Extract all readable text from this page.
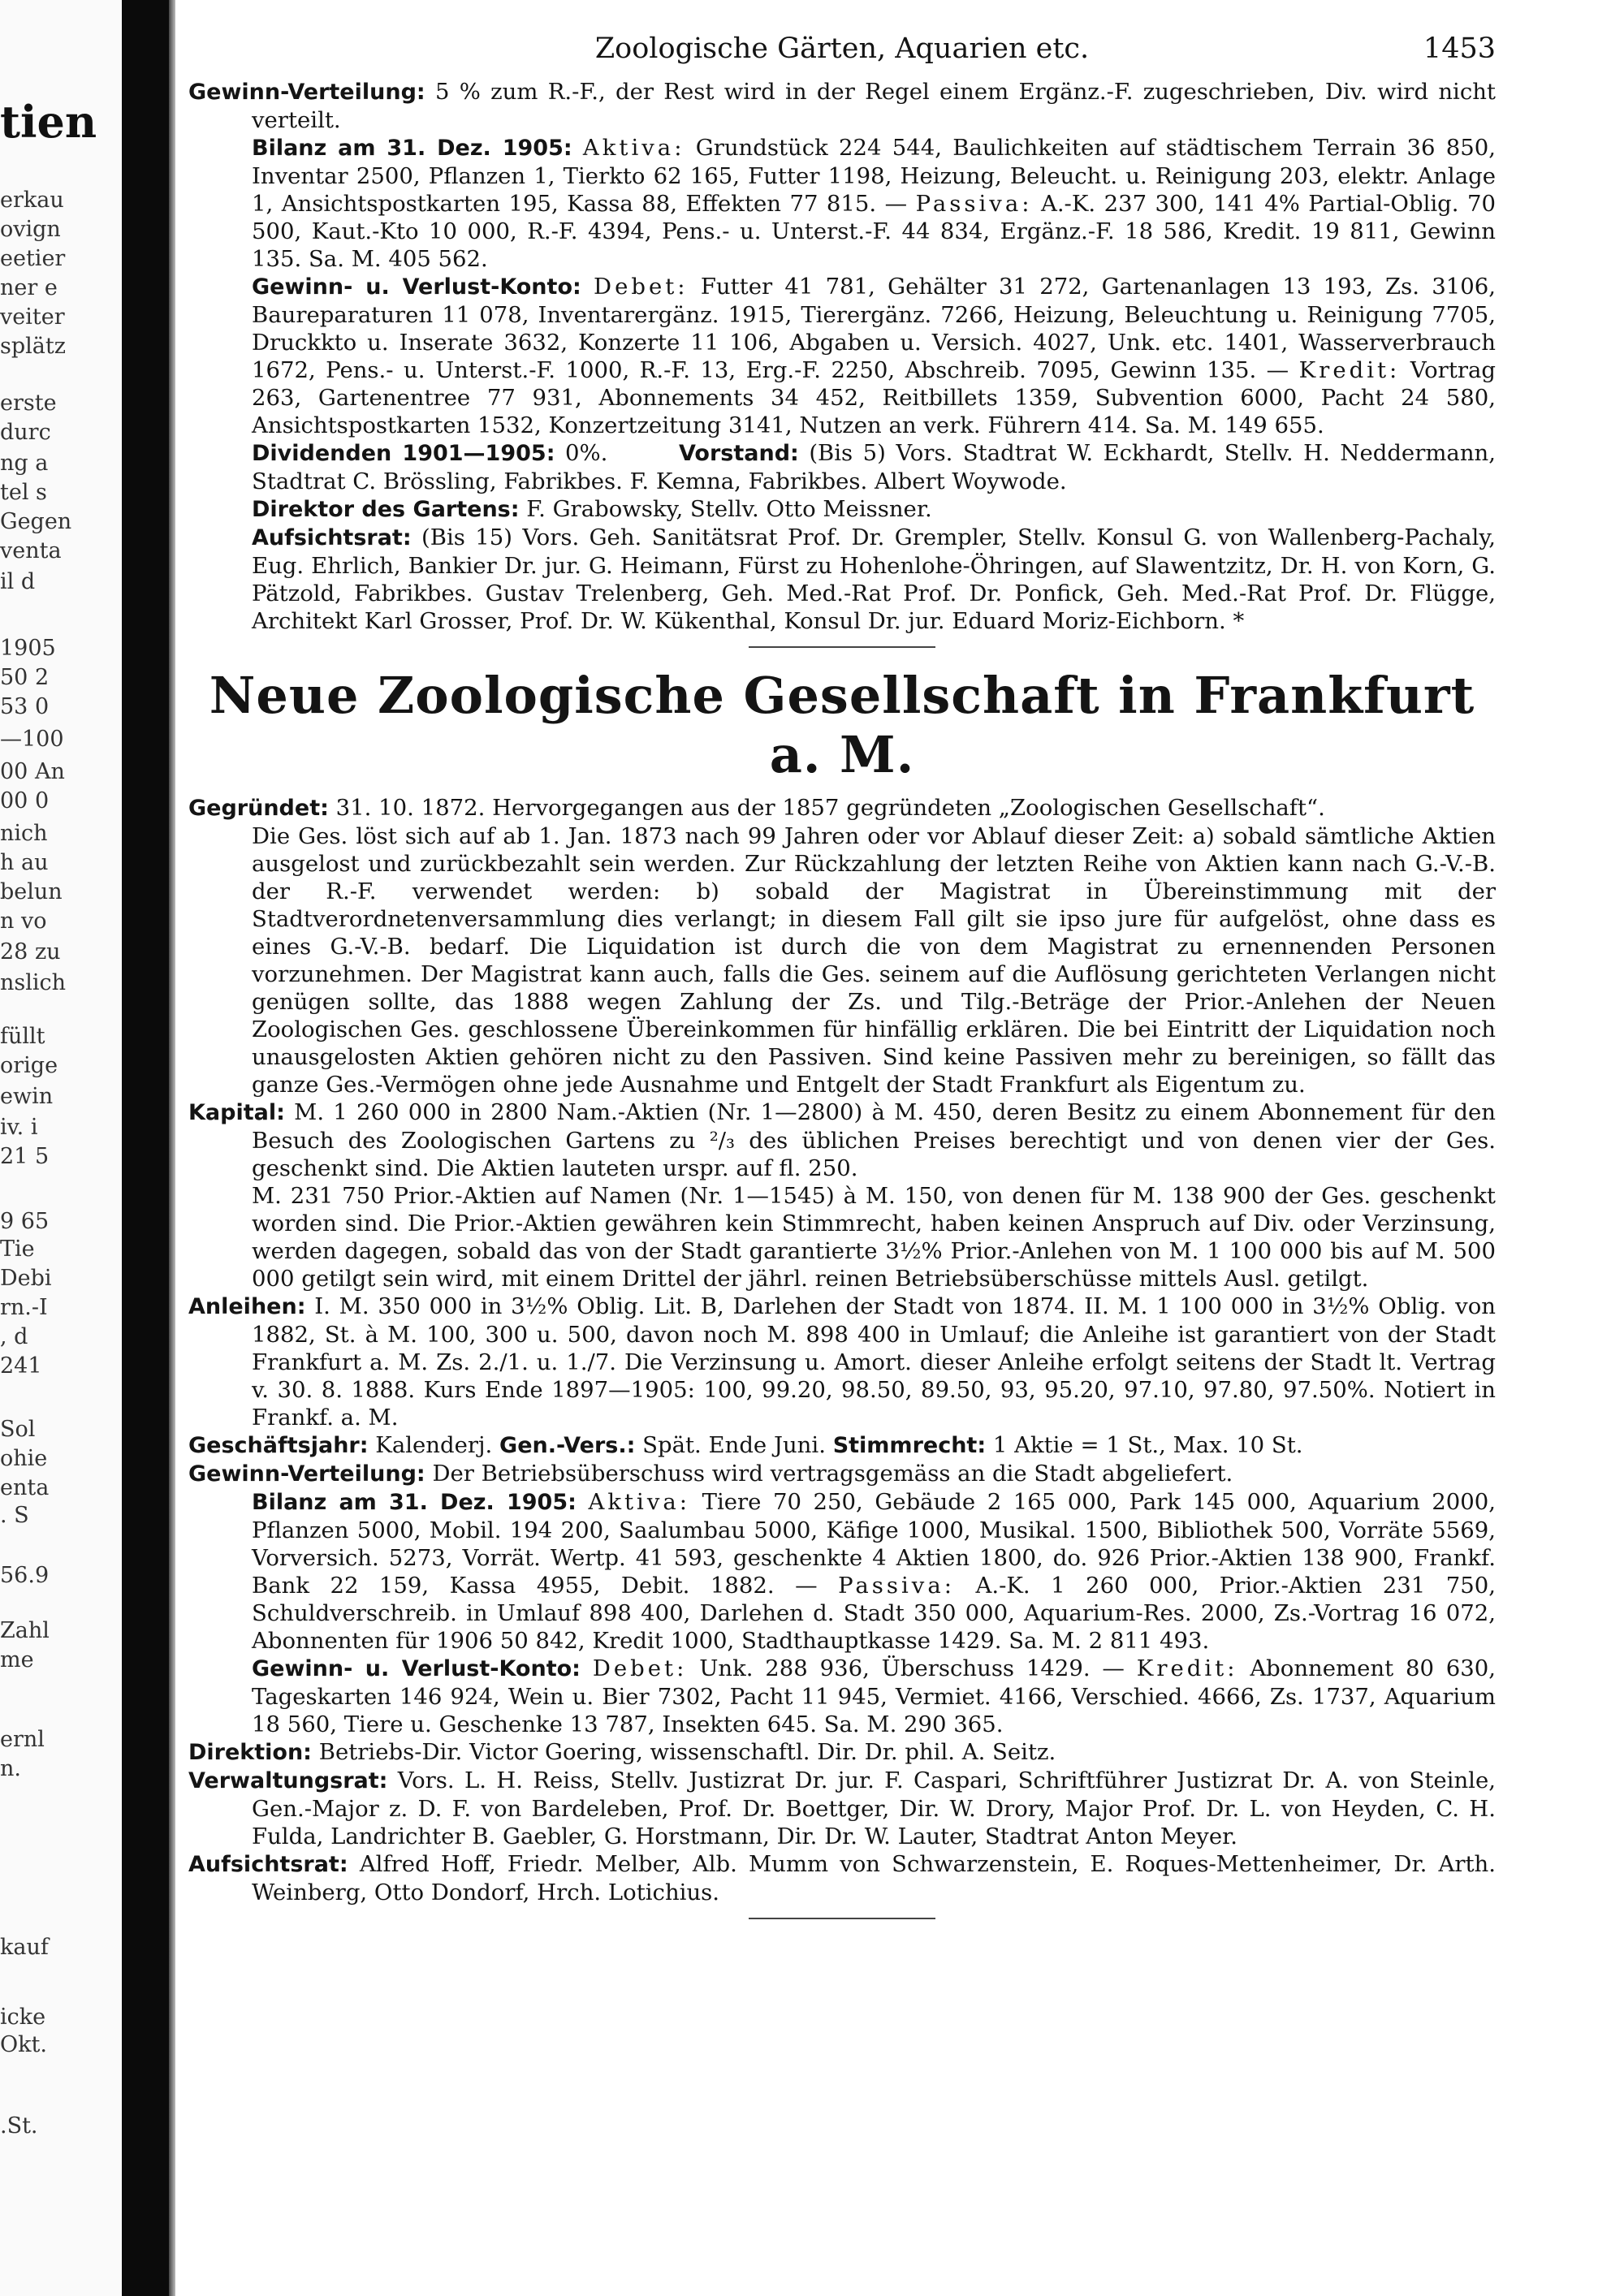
tien
erkau
ovign
eetier
ner e
veiter
splätz
erste
durc
ng a
tel s
Gegen
venta
il d
1905
50 2
53 0
—100
00 An
00 0
nich
h au
belun
n vo
28 zu
nslich
füllt
orige
ewin
iv. i
21 5
9 65
Tie
Debi
rn.-I
, d
241
Sol
ohie
enta
. S
56.9
Zahl
me
ernl
n.
kauf
icke
Okt.
.St.
Zoologische Gärten, Aquarien etc.	1453

Gewinn-Verteilung: 5 % zum R.-F., der Rest wird in der Regel einem Ergänz.-F. zugeschrieben, Div. wird nicht verteilt.

Bilanz am 31. Dez. 1905: Aktiva: Grundstück 224 544, Baulichkeiten auf städtischem Terrain 36 850, Inventar 2500, Pflanzen 1, Tierkto 62 165, Futter 1198, Heizung, Beleucht. u. Reinigung 203, elektr. Anlage 1, Ansichtspostkarten 195, Kassa 88, Effekten 77 815. — Passiva: A.-K. 237 300, 141 4% Partial-Oblig. 70 500, Kaut.-Kto 10 000, R.-F. 4394, Pens.- u. Unterst.-F. 44 834, Ergänz.-F. 18 586, Kredit. 19 811, Gewinn 135. Sa. M. 405 562.

Gewinn- u. Verlust-Konto: Debet: Futter 41 781, Gehälter 31 272, Gartenanlagen 13 193, Zs. 3106, Baureparaturen 11 078, Inventarergänz. 1915, Tierergänz. 7266, Heizung, Beleuchtung u. Reinigung 7705, Druckkto u. Inserate 3632, Konzerte 11 106, Abgaben u. Versich. 4027, Unk. etc. 1401, Wasserverbrauch 1672, Pens.- u. Unterst.-F. 1000, R.-F. 13, Erg.-F. 2250, Abschreib. 7095, Gewinn 135. — Kredit: Vortrag 263, Gartenentree 77 931, Abonnements 34 452, Reitbillets 1359, Subvention 6000, Pacht 24 580, Ansichtspostkarten 1532, Konzertzeitung 3141, Nutzen an verk. Führern 414. Sa. M. 149 655.

Dividenden 1901—1905: 0%.	Vorstand: (Bis 5) Vors. Stadtrat W. Eckhardt, Stellv. H. Neddermann, Stadtrat C. Brössling, Fabrikbes. F. Kemna, Fabrikbes. Albert Woywode.

Direktor des Gartens: F. Grabowsky, Stellv. Otto Meissner.

Aufsichtsrat: (Bis 15) Vors. Geh. Sanitätsrat Prof. Dr. Grempler, Stellv. Konsul G. von Wallenberg-Pachaly, Eug. Ehrlich, Bankier Dr. jur. G. Heimann, Fürst zu Hohenlohe-Öhringen, auf Slawentzitz, Dr. H. von Korn, G. Pätzold, Fabrikbes. Gustav Trelenberg, Geh. Med.-Rat Prof. Dr. Ponfick, Geh. Med.-Rat Prof. Dr. Flügge, Architekt Karl Grosser, Prof. Dr. W. Kükenthal, Konsul Dr. jur. Eduard Moriz-Eichborn. *

Neue Zoologische Gesellschaft in Frankfurt a. M.

Gegründet: 31. 10. 1872. Hervorgegangen aus der 1857 gegründeten „Zoologischen Gesellschaft“.

Die Ges. löst sich auf ab 1. Jan. 1873 nach 99 Jahren oder vor Ablauf dieser Zeit: a) sobald sämtliche Aktien ausgelost und zurückbezahlt sein werden. Zur Rückzahlung der letzten Reihe von Aktien kann nach G.-V.-B. der R.-F. verwendet werden: b) sobald der Magistrat in Übereinstimmung mit der Stadtverordnetenversammlung dies verlangt; in diesem Fall gilt sie ipso jure für aufgelöst, ohne dass es eines G.-V.-B. bedarf. Die Liquidation ist durch die von dem Magistrat zu ernennenden Personen vorzunehmen. Der Magistrat kann auch, falls die Ges. seinem auf die Auflösung gerichteten Verlangen nicht genügen sollte, das 1888 wegen Zahlung der Zs. und Tilg.-Beträge der Prior.-Anlehen der Neuen Zoologischen Ges. geschlossene Übereinkommen für hinfällig erklären. Die bei Eintritt der Liquidation noch unausgelosten Aktien gehören nicht zu den Passiven. Sind keine Passiven mehr zu bereinigen, so fällt das ganze Ges.-Vermögen ohne jede Ausnahme und Entgelt der Stadt Frankfurt als Eigentum zu.

Kapital: M. 1 260 000 in 2800 Nam.-Aktien (Nr. 1—2800) à M. 450, deren Besitz zu einem Abonnement für den Besuch des Zoologischen Gartens zu ²/₃ des üblichen Preises berechtigt und von denen vier der Ges. geschenkt sind. Die Aktien lauteten urspr. auf fl. 250.

M. 231 750 Prior.-Aktien auf Namen (Nr. 1—1545) à M. 150, von denen für M. 138 900 der Ges. geschenkt worden sind. Die Prior.-Aktien gewähren kein Stimmrecht, haben keinen Anspruch auf Div. oder Verzinsung, werden dagegen, sobald das von der Stadt garantierte 3½% Prior.-Anlehen von M. 1 100 000 bis auf M. 500 000 getilgt sein wird, mit einem Drittel der jährl. reinen Betriebsüberschüsse mittels Ausl. getilgt.

Anleihen: I. M. 350 000 in 3½% Oblig. Lit. B, Darlehen der Stadt von 1874. II. M. 1 100 000 in 3½% Oblig. von 1882, St. à M. 100, 300 u. 500, davon noch M. 898 400 in Umlauf; die Anleihe ist garantiert von der Stadt Frankfurt a. M. Zs. 2./1. u. 1./7. Die Verzinsung u. Amort. dieser Anleihe erfolgt seitens der Stadt lt. Vertrag v. 30. 8. 1888. Kurs Ende 1897—1905: 100, 99.20, 98.50, 89.50, 93, 95.20, 97.10, 97.80, 97.50%. Notiert in Frankf. a. M.

Geschäftsjahr: Kalenderj. Gen.-Vers.: Spät. Ende Juni. Stimmrecht: 1 Aktie = 1 St., Max. 10 St.

Gewinn-Verteilung: Der Betriebsüberschuss wird vertragsgemäss an die Stadt abgeliefert.

Bilanz am 31. Dez. 1905: Aktiva: Tiere 70 250, Gebäude 2 165 000, Park 145 000, Aquarium 2000, Pflanzen 5000, Mobil. 194 200, Saalumbau 5000, Käfige 1000, Musikal. 1500, Bibliothek 500, Vorräte 5569, Vorversich. 5273, Vorrät. Wertp. 41 593, geschenkte 4 Aktien 1800, do. 926 Prior.-Aktien 138 900, Frankf. Bank 22 159, Kassa 4955, Debit. 1882. — Passiva: A.-K. 1 260 000, Prior.-Aktien 231 750, Schuldverschreib. in Umlauf 898 400, Darlehen d. Stadt 350 000, Aquarium-Res. 2000, Zs.-Vortrag 16 072, Abonnenten für 1906 50 842, Kredit 1000, Stadthauptkasse 1429. Sa. M. 2 811 493.

Gewinn- u. Verlust-Konto: Debet: Unk. 288 936, Überschuss 1429. — Kredit: Abonnement 80 630, Tageskarten 146 924, Wein u. Bier 7302, Pacht 11 945, Vermiet. 4166, Verschied. 4666, Zs. 1737, Aquarium 18 560, Tiere u. Geschenke 13 787, Insekten 645. Sa. M. 290 365.

Direktion: Betriebs-Dir. Victor Goering, wissenschaftl. Dir. Dr. phil. A. Seitz.

Verwaltungsrat: Vors. L. H. Reiss, Stellv. Justizrat Dr. jur. F. Caspari, Schriftführer Justizrat Dr. A. von Steinle, Gen.-Major z. D. F. von Bardeleben, Prof. Dr. Boettger, Dir. W. Drory, Major Prof. Dr. L. von Heyden, C. H. Fulda, Landrichter B. Gaebler, G. Horstmann, Dir. Dr. W. Lauter, Stadtrat Anton Meyer.

Aufsichtsrat: Alfred Hoff, Friedr. Melber, Alb. Mumm von Schwarzenstein, E. Roques-Mettenheimer, Dr. Arth. Weinberg, Otto Dondorf, Hrch. Lotichius.
